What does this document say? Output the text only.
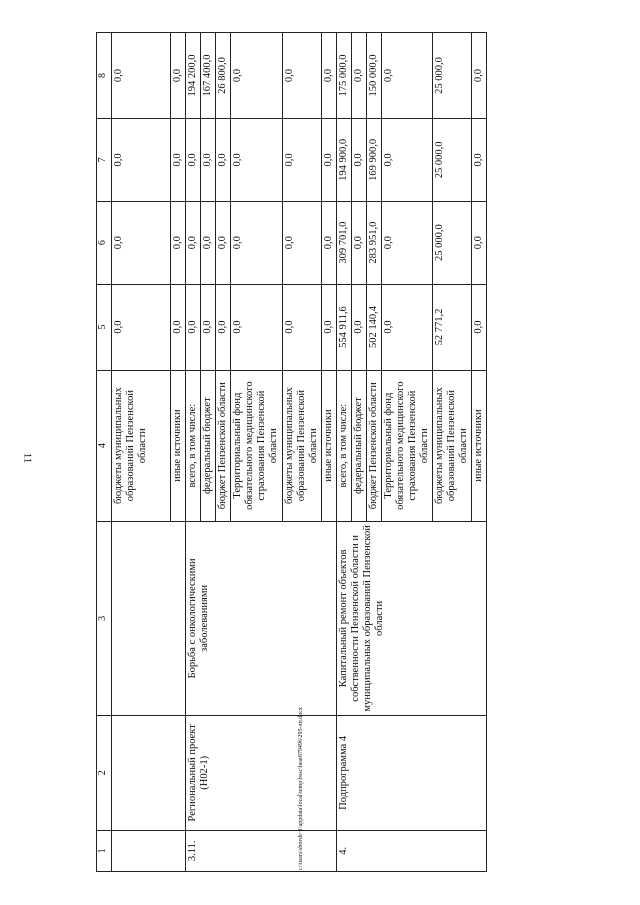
11
c:\users\sborsh~1\appdata\local\temp\bssc\heat879496\295-лп.docx
1	2	3	4	5	6	7	8
			бюджеты муниципальных образований Пензенской области	0,0	0,0	0,0	0,0
			иные источники	0,0	0,0	0,0	0,0
3.11.	Региональный проект (Н02-1)	Борьба с онкологическими заболеваниями	всего, в том числе:	0,0	0,0	0,0	194 200,0
			федеральный бюджет	0,0	0,0	0,0	167 400,0
			бюджет Пензенской области	0,0	0,0	0,0	26 800,0
			Территориальный фонд обязательного медицинского страхования Пензенской области	0,0	0,0	0,0	0,0
			бюджеты муниципальных образований Пензенской области	0,0	0,0	0,0	0,0
			иные источники	0,0	0,0	0,0	0,0
4.	Подпрограмма 4	Капитальный ремонт объектов собственности Пензенской области и муниципальных образований Пензенской области	всего, в том числе:	554 911,6	309 701,0	194 900,0	175 000,0
			федеральный бюджет	0,0	0,0	0,0	0,0
			бюджет Пензенской области	502 140,4	283 951,0	169 900,0	150 000,0
			Территориальный фонд обязательного медицинского страхования Пензенской области	0,0	0,0	0,0	0,0
			бюджеты муниципальных образований Пензенской области	52 771,2	25 000,0	25 000,0	25 000,0
			иные источники	0,0	0,0	0,0	0,0
